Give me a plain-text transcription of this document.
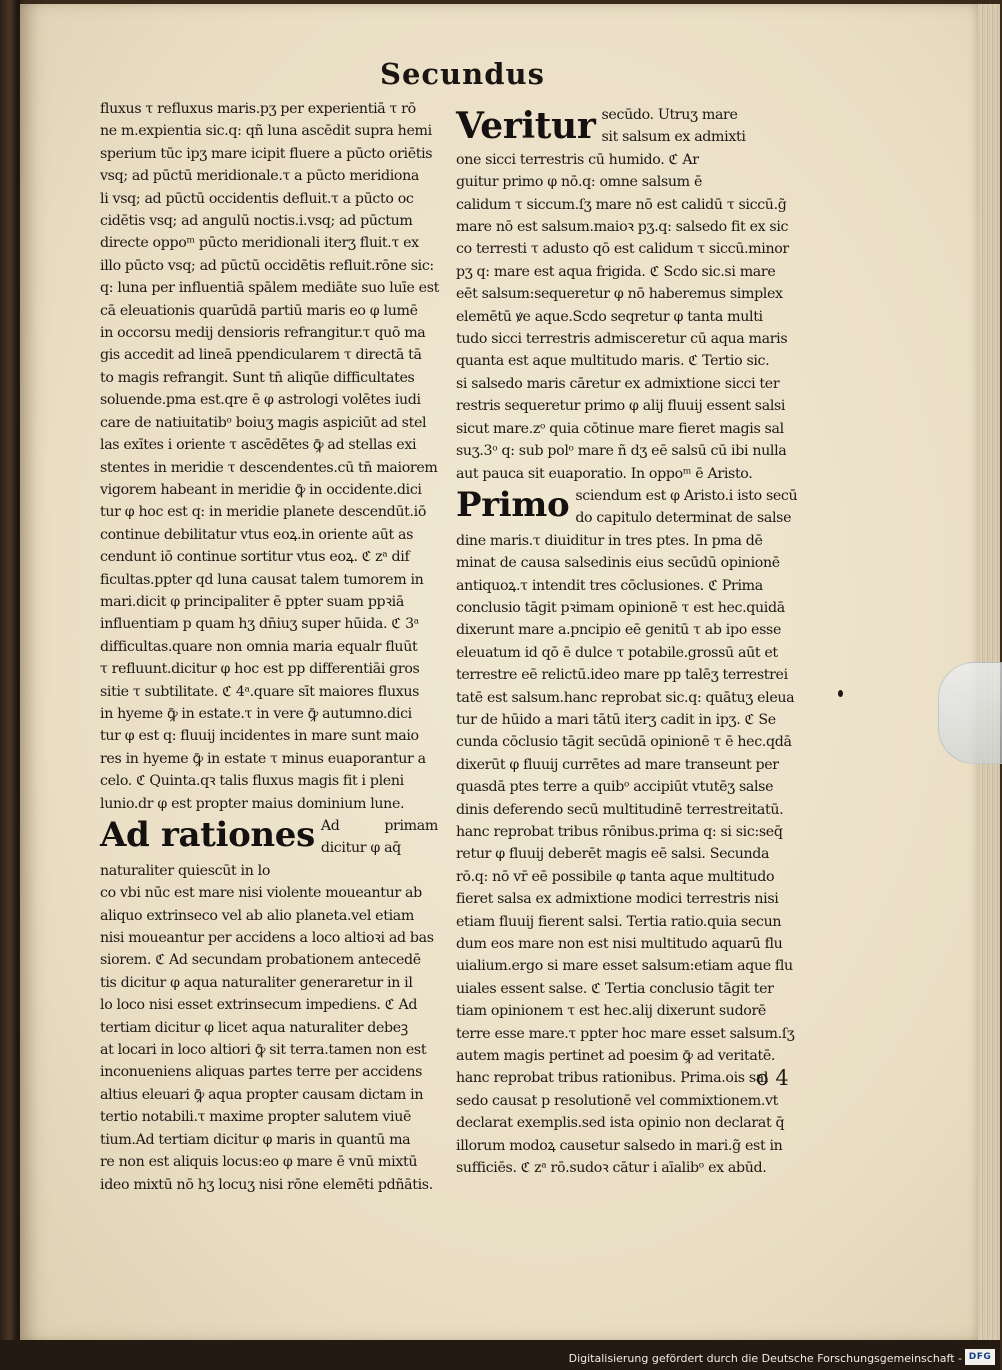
Secundus

fluxus τ refluxus maris.pʒ per experientiā τ rō
ne m.expientia sic.q: qñ luna ascēdit supra hemi
sperium tūc ipʒ mare icipit fluere a pūcto oriētis
vsq; ad pūctū meridionale.τ a pūcto meridiona
li vsq; ad pūctū occidentis defluit.τ a pūcto oc
cidētis vsq; ad angulū noctis.i.vsq; ad pūctum
directe oppoᵐ pūcto meridionali iterʒ fluit.τ ex
illo pūcto vsq; ad pūctū occidētis refluit.rōne sic:
q: luna per influentiā spālem mediāte suo luīe est
cā eleuationis quarūdā partiū maris eo φ lumē
in occorsu medij densioris refrangitur.τ quō ma
gis accedit ad lineā ppendicularem τ directā tā
to magis refrangit. Sunt tn̄ aliqūe difficultates
soluende.pma est.qre ē φ astrologi volētes iudi
care de natiuitatibᵒ boiuʒ magis aspiciūt ad stel
las exītes i oriente τ ascēdētes ꝙ̄ ad stellas exi
stentes in meridie τ descendentes.cū tn̄ maiorem
vigorem habeant in meridie ꝙ̄ in occidente.dici
tur φ hoc est q: in meridie planete descendūt.iō
continue debilitatur vtus eoꝝ.in oriente aūt as
cendunt iō continue sortitur vtus eoꝝ. ℭ zᵃ dif
ficultas.ppter qd luna causat talem tumorem in
mari.dicit φ principaliter ē ppter suam ppꝛiā
influentiam p quam hʒ dn̄iuʒ super hūida. ℭ 3ᵃ
difficultas.quare non omnia maria equalr fluūt
τ refluunt.dicitur φ hoc est pp differentiāi gros
sitie τ subtilitate. ℭ 4ᵃ.quare sīt maiores fluxus
in hyeme ꝙ̄ in estate.τ in vere ꝙ̄ autumno.dici
tur φ est q: fluuij incidentes in mare sunt maio
res in hyeme ꝙ̄ in estate τ minus euaporantur a
celo. ℭ Quinta.qꝛ talis fluxus magis fit i pleni
lunio.dr φ est propter maius dominium lune.

Ad rationes Ad primam dicitur φ aq̄
naturaliter quiescūt in lo
co vbi nūc est mare nisi violente moueantur ab
aliquo extrinseco vel ab alio planeta.vel etiam
nisi moueantur per accidens a loco altioꝛi ad bas
siorem. ℭ Ad secundam probationem antecedē
tis dicitur φ aqua naturaliter generaretur in il
lo loco nisi esset extrinsecum impediens. ℭ Ad
tertiam dicitur φ licet aqua naturaliter debeꝫ
at locari in loco altiori ꝙ̄ sit terra.tamen non est
inconueniens aliquas partes terre per accidens
altius eleuari ꝙ̄ aqua propter causam dictam in
tertio notabili.τ maxime propter salutem viuē
tium.Ad tertiam dicitur φ maris in quantū ma
re non est aliquis locus:eo φ mare ē vnū mixtū
ideo mixtū nō hʒ locuʒ nisi rōne elemēti pdñātis.

Veritur secūdo. Utruʒ mare
sit salsum ex admixti
one sicci terrestris cū humido. ℭ Ar
guitur primo φ nō.q: omne salsum ē
calidum τ siccum.ſʒ mare nō est calidū τ siccū.g̃
mare nō est salsum.maioꝛ pʒ.q: salsedo fit ex sic
co terresti τ adusto qō est calidum τ siccū.minor
pʒ q: mare est aqua frigida. ℭ Scdo sic.si mare
eēt salsum:sequeretur φ nō haberemus simplex
elemētū ꝟe aque.Scdo seqretur φ tanta multi
tudo sicci terrestris admisceretur cū aqua maris
quanta est aque multitudo maris. ℭ Tertio sic.
si salsedo maris cāretur ex admixtione sicci ter
restris sequeretur primo φ alij fluuij essent salsi
sicut mare.zᵒ quia cōtinue mare fieret magis sal
suʒ.3ᵒ q: sub polᵒ mare ñ dʒ eē salsū cū ibi nulla
aut pauca sit euaporatio. In oppoᵐ ē Aristo.

Primo sciendum est φ Aristo.i isto secū
do capitulo determinat de salse
dine maris.τ diuiditur in tres ptes. In pma dē
minat de causa salsedinis eius secūdū opinionē
antiquoꝝ.τ intendit tres cōclusiones. ℭ Prima
conclusio tāgit pꝛimam opinionē τ est hec.quidā
dixerunt mare a.pncipio eē genitū τ ab ipo esse
eleuatum id qō ē dulce τ potabile.grossū aūt et
terrestre eē relictū.ideo mare pp talēʒ terrestrei
tatē est salsum.hanc reprobat sic.q: quātuʒ eleua
tur de hūido a mari tātū iterʒ cadit in ipʒ. ℭ Se
cunda cōclusio tāgit secūdā opinionē τ ē hec.qdā
dixerūt φ fluuij currētes ad mare transeunt per
quasdā ptes terre a quibᵒ accipiūt vtutēʒ salse
dinis deferendo secū multitudinē terrestreitatū.
hanc reprobat tribus rōnibus.prima q: si sic:seq̄
retur φ fluuij deberēt magis eē salsi. Secunda
rō.q: nō vr̄ eē possibile φ tanta aque multitudo
fieret salsa ex admixtione modici terrestris nisi
etiam fluuij fierent salsi. Tertia ratio.quia secun
dum eos mare non est nisi multitudo aquarū flu
uialium.ergo si mare esset salsum:etiam aque flu
uiales essent salse. ℭ Tertia conclusio tāgit ter
tiam opinionem τ est hec.alij dixerunt sudorē
terre esse mare.τ ppter hoc mare esset salsum.ſʒ
autem magis pertinet ad poesim ꝙ̄ ad veritatē.
hanc reprobat tribus rationibus. Prima.ois sal
sedo causat p resolutionē vel commixtionem.vt
declarat exemplis.sed ista opinio non declarat q̄
illorum modoꝝ causetur salsedo in mari.g̃ est in
sufficiēs. ℭ zᵃ rō.sudoꝛ cātur i aīalibᵒ ex abūd.

o 4

Digitalisierung gefördert durch die Deutsche Forschungsgemeinschaft - DFG
